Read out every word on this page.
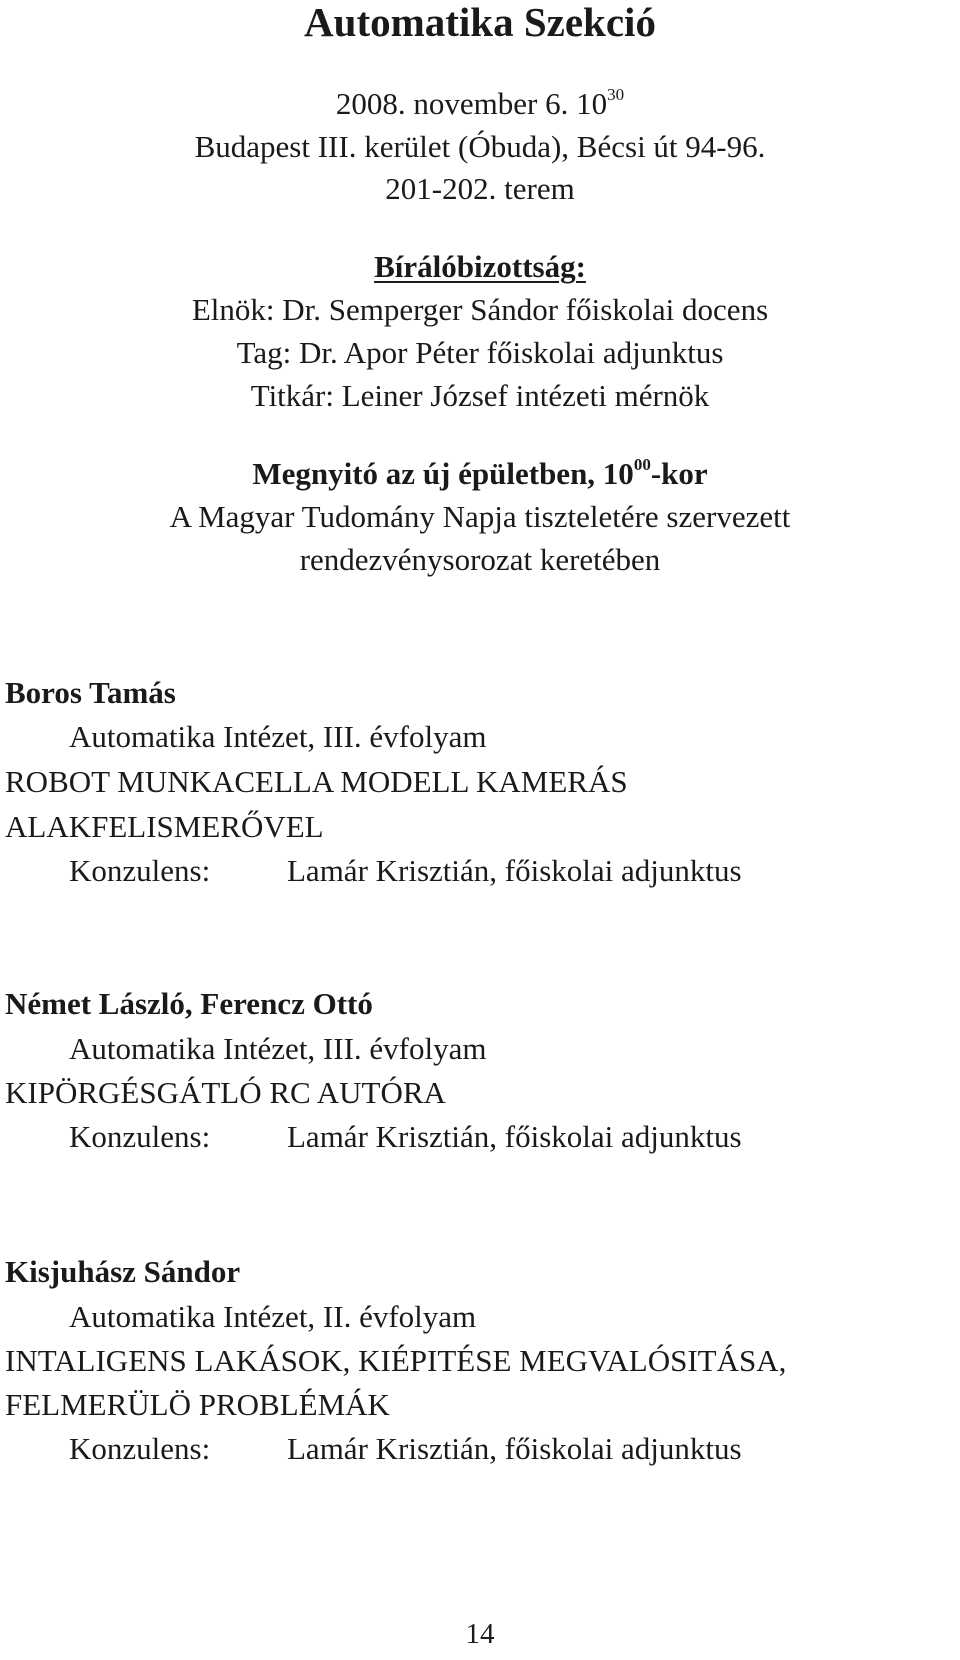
Automatika Szekció
2008. november 6. $10^{30}$
Budapest III. kerület (Óbuda), Bécsi út 94-96.
201-202. terem
Bírálóbizottság:
Elnök: Dr. Semperger Sándor főiskolai docens
Tag: Dr. Apor Péter főiskolai adjunktus
Titkár: Leiner József intézeti mérnök
Megnyitó az új épületben, $10^{00}$-kor
A Magyar Tudomány Napja tiszteletére szervezett
rendezvénysorozat keretében
Boros Tamás
Automatika Intézet, III. évfolyam
ROBOT MUNKACELLA MODELL KAMERÁS
ALAKFELISMERŐVEL
Konzulens: Lamár Krisztián, főiskolai adjunktus
Német László, Ferencz Ottó
Automatika Intézet, III. évfolyam
KIPÖRGÉSGÁTLÓ RC AUTÓRA
Konzulens: Lamár Krisztián, főiskolai adjunktus
Kisjuhász Sándor
Automatika Intézet, II. évfolyam
INTALIGENS LAKÁSOK, KIÉPITÉSE MEGVALÓSITÁSA,
FELMERÜLÖ PROBLÉMÁK
Konzulens: Lamár Krisztián, főiskolai adjunktus
14
